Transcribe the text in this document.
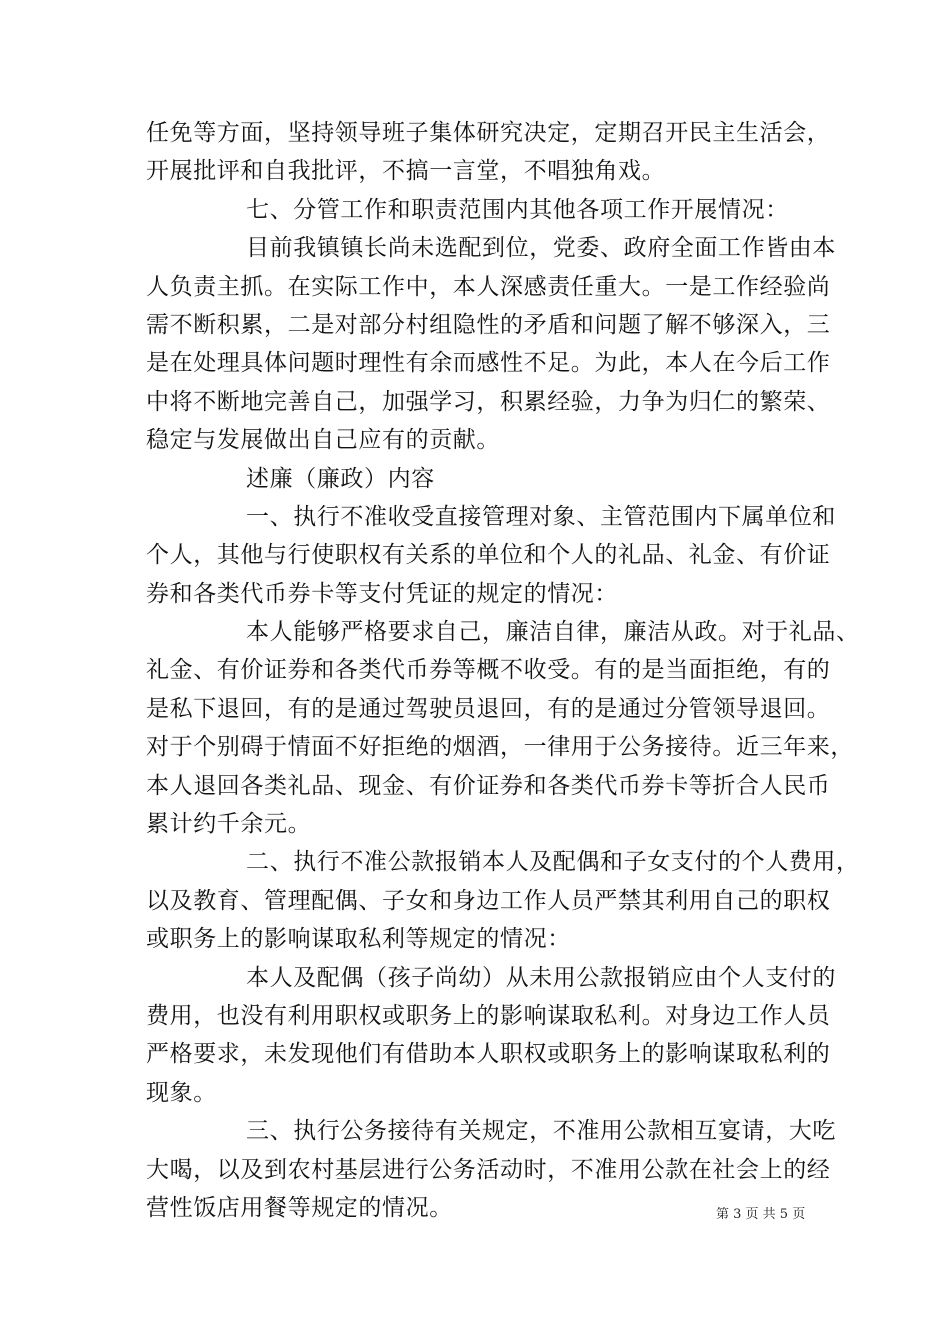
任免等方面，坚持领导班子集体研究决定，定期召开民主生活会，
开展批评和自我批评，不搞一言堂，不唱独角戏。
七、分管工作和职责范围内其他各项工作开展情况：
目前我镇镇长尚未选配到位，党委、政府全面工作皆由本
人负责主抓。在实际工作中，本人深感责任重大。一是工作经验尚
需不断积累，二是对部分村组隐性的矛盾和问题了解不够深入，三
是在处理具体问题时理性有余而感性不足。为此，本人在今后工作
中将不断地完善自己，加强学习，积累经验，力争为归仁的繁荣、
稳定与发展做出自己应有的贡献。
述廉（廉政）内容
一、执行不准收受直接管理对象、主管范围内下属单位和
个人，其他与行使职权有关系的单位和个人的礼品、礼金、有价证
券和各类代币券卡等支付凭证的规定的情况：
本人能够严格要求自己，廉洁自律，廉洁从政。对于礼品、
礼金、有价证券和各类代币券等概不收受。有的是当面拒绝，有的
是私下退回，有的是通过驾驶员退回，有的是通过分管领导退回。
对于个别碍于情面不好拒绝的烟酒，一律用于公务接待。近三年来，
本人退回各类礼品、现金、有价证券和各类代币券卡等折合人民币
累计约千余元。
二、执行不准公款报销本人及配偶和子女支付的个人费用，
以及教育、管理配偶、子女和身边工作人员严禁其利用自己的职权
或职务上的影响谋取私利等规定的情况：
本人及配偶（孩子尚幼）从未用公款报销应由个人支付的
费用，也没有利用职权或职务上的影响谋取私利。对身边工作人员
严格要求，未发现他们有借助本人职权或职务上的影响谋取私利的
现象。
三、执行公务接待有关规定，不准用公款相互宴请，大吃
大喝，以及到农村基层进行公务活动时，不准用公款在社会上的经
营性饭店用餐等规定的情况。	第 3 页 共 5 页
